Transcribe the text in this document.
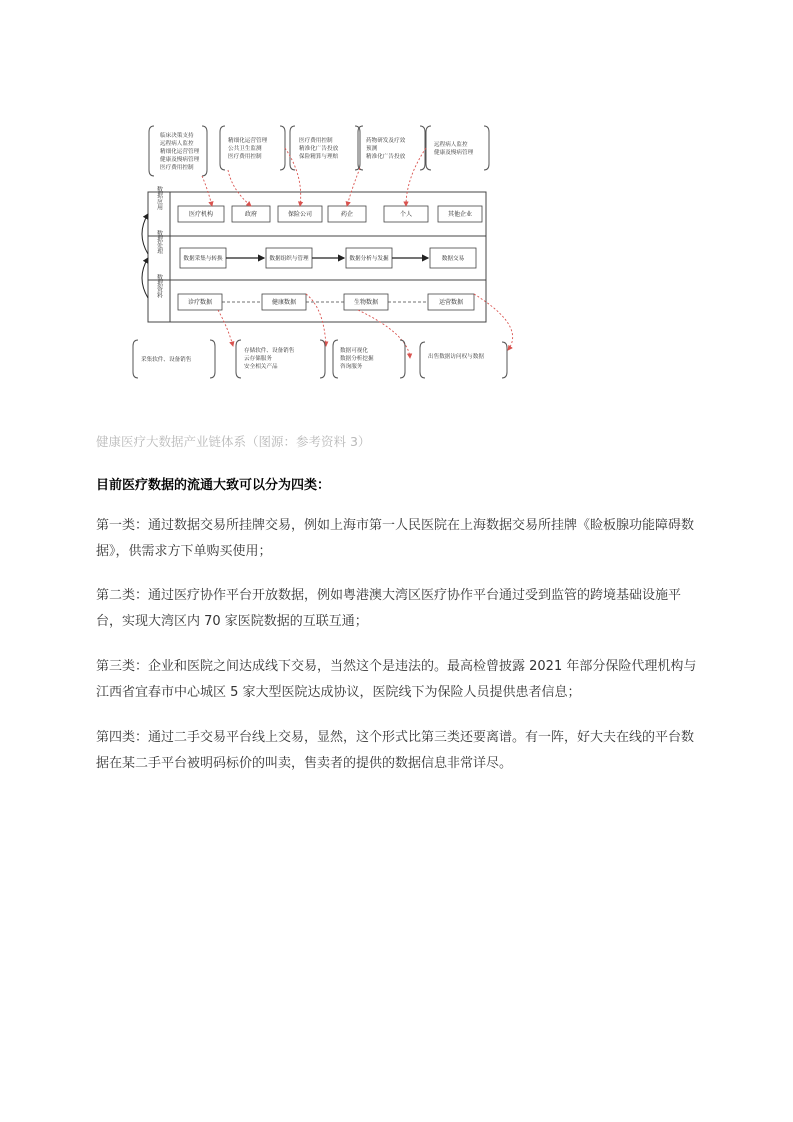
临床决策支持
远程病人监控
精细化运营管理
健康及慢病管理
医疗费用控制
精细化运营管理
公共卫生监测
医疗费用控制
医疗费用控制
精准化广告投放
保险精算与理赔
药物研发及疗效
预测
精准化广告投放
远程病人监控
健康及慢病管理
数据应用
数据处理
数据资料
医疗机构	政府	保险公司	药企	个人	其他企业
数据采集与转换	数据组织与管理	数据分析与发掘	数据交易
诊疗数据	健康数据	生物数据	运营数据
采集软件、设备销售
存储软件、设备销售
云存储服务
安全相关产品
数据可视化
数据分析挖掘
咨询服务
出售数据访问权与数据
健康医疗大数据产业链体系（图源：参考资料 3）
目前医疗数据的流通大致可以分为四类：
第一类：通过数据交易所挂牌交易，例如上海市第一人民医院在上海数据交易所挂牌《睑板腺功能障碍数据》，供需求方下单购买使用；
第二类：通过医疗协作平台开放数据，例如粤港澳大湾区医疗协作平台通过受到监管的跨境基础设施平台，实现大湾区内 70 家医院数据的互联互通；
第三类：企业和医院之间达成线下交易，当然这个是违法的。最高检曾披露 2021 年部分保险代理机构与江西省宜春市中心城区 5 家大型医院达成协议，医院线下为保险人员提供患者信息；
第四类：通过二手交易平台线上交易，显然，这个形式比第三类还要离谱。有一阵，好大夫在线的平台数据在某二手平台被明码标价的叫卖，售卖者的提供的数据信息非常详尽。
